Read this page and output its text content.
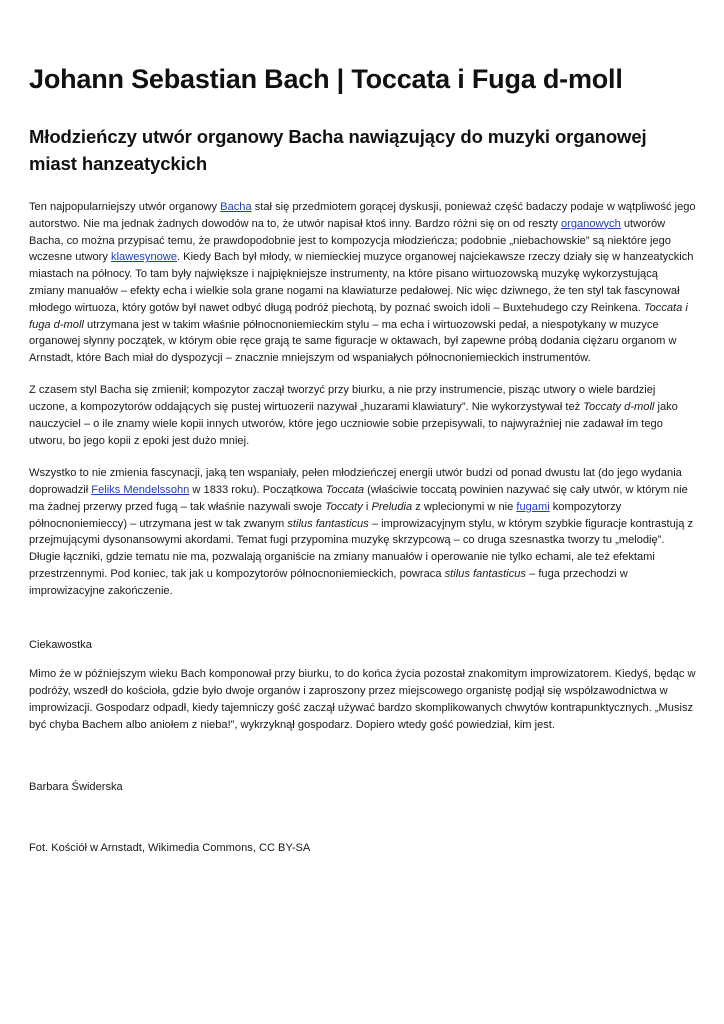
Johann Sebastian Bach | Toccata i Fuga d-moll
Młodzieńczy utwór organowy Bacha nawiązujący do muzyki organowej miast hanzeatyckich

Ten najpopularniejszy utwór organowy Bacha stał się przedmiotem gorącej dyskusji, ponieważ część badaczy podaje w wątpliwość jego autorstwo. Nie ma jednak żadnych dowodów na to, że utwór napisał ktoś inny. Bardzo różni się on od reszty organowych utworów Bacha, co można przypisać temu, że prawdopodobnie jest to kompozycja młodzieńcza; podobnie „niebachowskie” są niektóre jego wczesne utwory klawesynowe. Kiedy Bach był młody, w niemieckiej muzyce organowej najciekawsze rzeczy działy się w hanzeatyckich miastach na północy. To tam były największe i najpiękniejsze instrumenty, na które pisano wirtuozowską muzykę wykorzystującą zmiany manuałów – efekty echa i wielkie sola grane nogami na klawiaturze pedałowej. Nic więc dziwnego, że ten styl tak fascynował młodego wirtuoza, który gotów był nawet odbyć długą podróż piechotą, by poznać swoich idoli – Buxtehudego czy Reinkena. Toccata i fuga d-moll utrzymana jest w takim właśnie północnoniemieckim stylu – ma echa i wirtuozowski pedał, a niespotykany w muzyce organowej słynny początek, w którym obie ręce grają te same figuracje w oktawach, był zapewne próbą dodania ciężaru organom w Arnstadt, które Bach miał do dyspozycji – znacznie mniejszym od wspaniałych północnoniemieckich instrumentów.

Z czasem styl Bacha się zmienił; kompozytor zaczął tworzyć przy biurku, a nie przy instrumencie, pisząc utwory o wiele bardziej uczone, a kompozytorów oddających się pustej wirtuozerii nazywał „huzarami klawiatury”. Nie wykorzystywał też Toccaty d-moll jako nauczyciel – o ile znamy wiele kopii innych utworów, które jego uczniowie sobie przepisywali, to najwyraźniej nie zadawał im tego utworu, bo jego kopii z epoki jest dużo mniej.

Wszystko to nie zmienia fascynacji, jaką ten wspaniały, pełen młodzieńczej energii utwór budzi od ponad dwustu lat (do jego wydania doprowadził Feliks Mendelssohn w 1833 roku). Początkowa Toccata (właściwie toccatą powinien nazywać się cały utwór, w którym nie ma żadnej przerwy przed fugą – tak właśnie nazywali swoje Toccaty i Preludia z wplecionymi w nie fugami kompozytorzy północnoniemieccy) – utrzymana jest w tak zwanym stilus fantasticus – improwizacyjnym stylu, w którym szybkie figuracje kontrastują z przejmującymi dysonansowymi akordami. Temat fugi przypomina muzykę skrzypcową – co druga szesnastka tworzy tu „melodię”. Długie łączniki, gdzie tematu nie ma, pozwalają organiście na zmiany manuałów i operowanie nie tylko echami, ale też efektami przestrzennymi. Pod koniec, tak jak u kompozytorów północnoniemieckich, powraca stilus fantasticus – fuga przechodzi w improwizacyjne zakończenie.

Ciekawostka

Mimo że w późniejszym wieku Bach komponował przy biurku, to do końca życia pozostał znakomitym improwizatorem. Kiedyś, będąc w podróży, wszedł do kościoła, gdzie było dwoje organów i zaproszony przez miejscowego organistę podjął się współzawodnictwa w improwizacji. Gospodarz odpadł, kiedy tajemniczy gość zaczął używać bardzo skomplikowanych chwytów kontrapunktycznych. „Musisz być chyba Bachem albo aniołem z nieba!”, wykrzyknął gospodarz. Dopiero wtedy gość powiedział, kim jest.

Barbara Świderska

Fot. Kościół w Arnstadt, Wikimedia Commons, CC BY-SA
